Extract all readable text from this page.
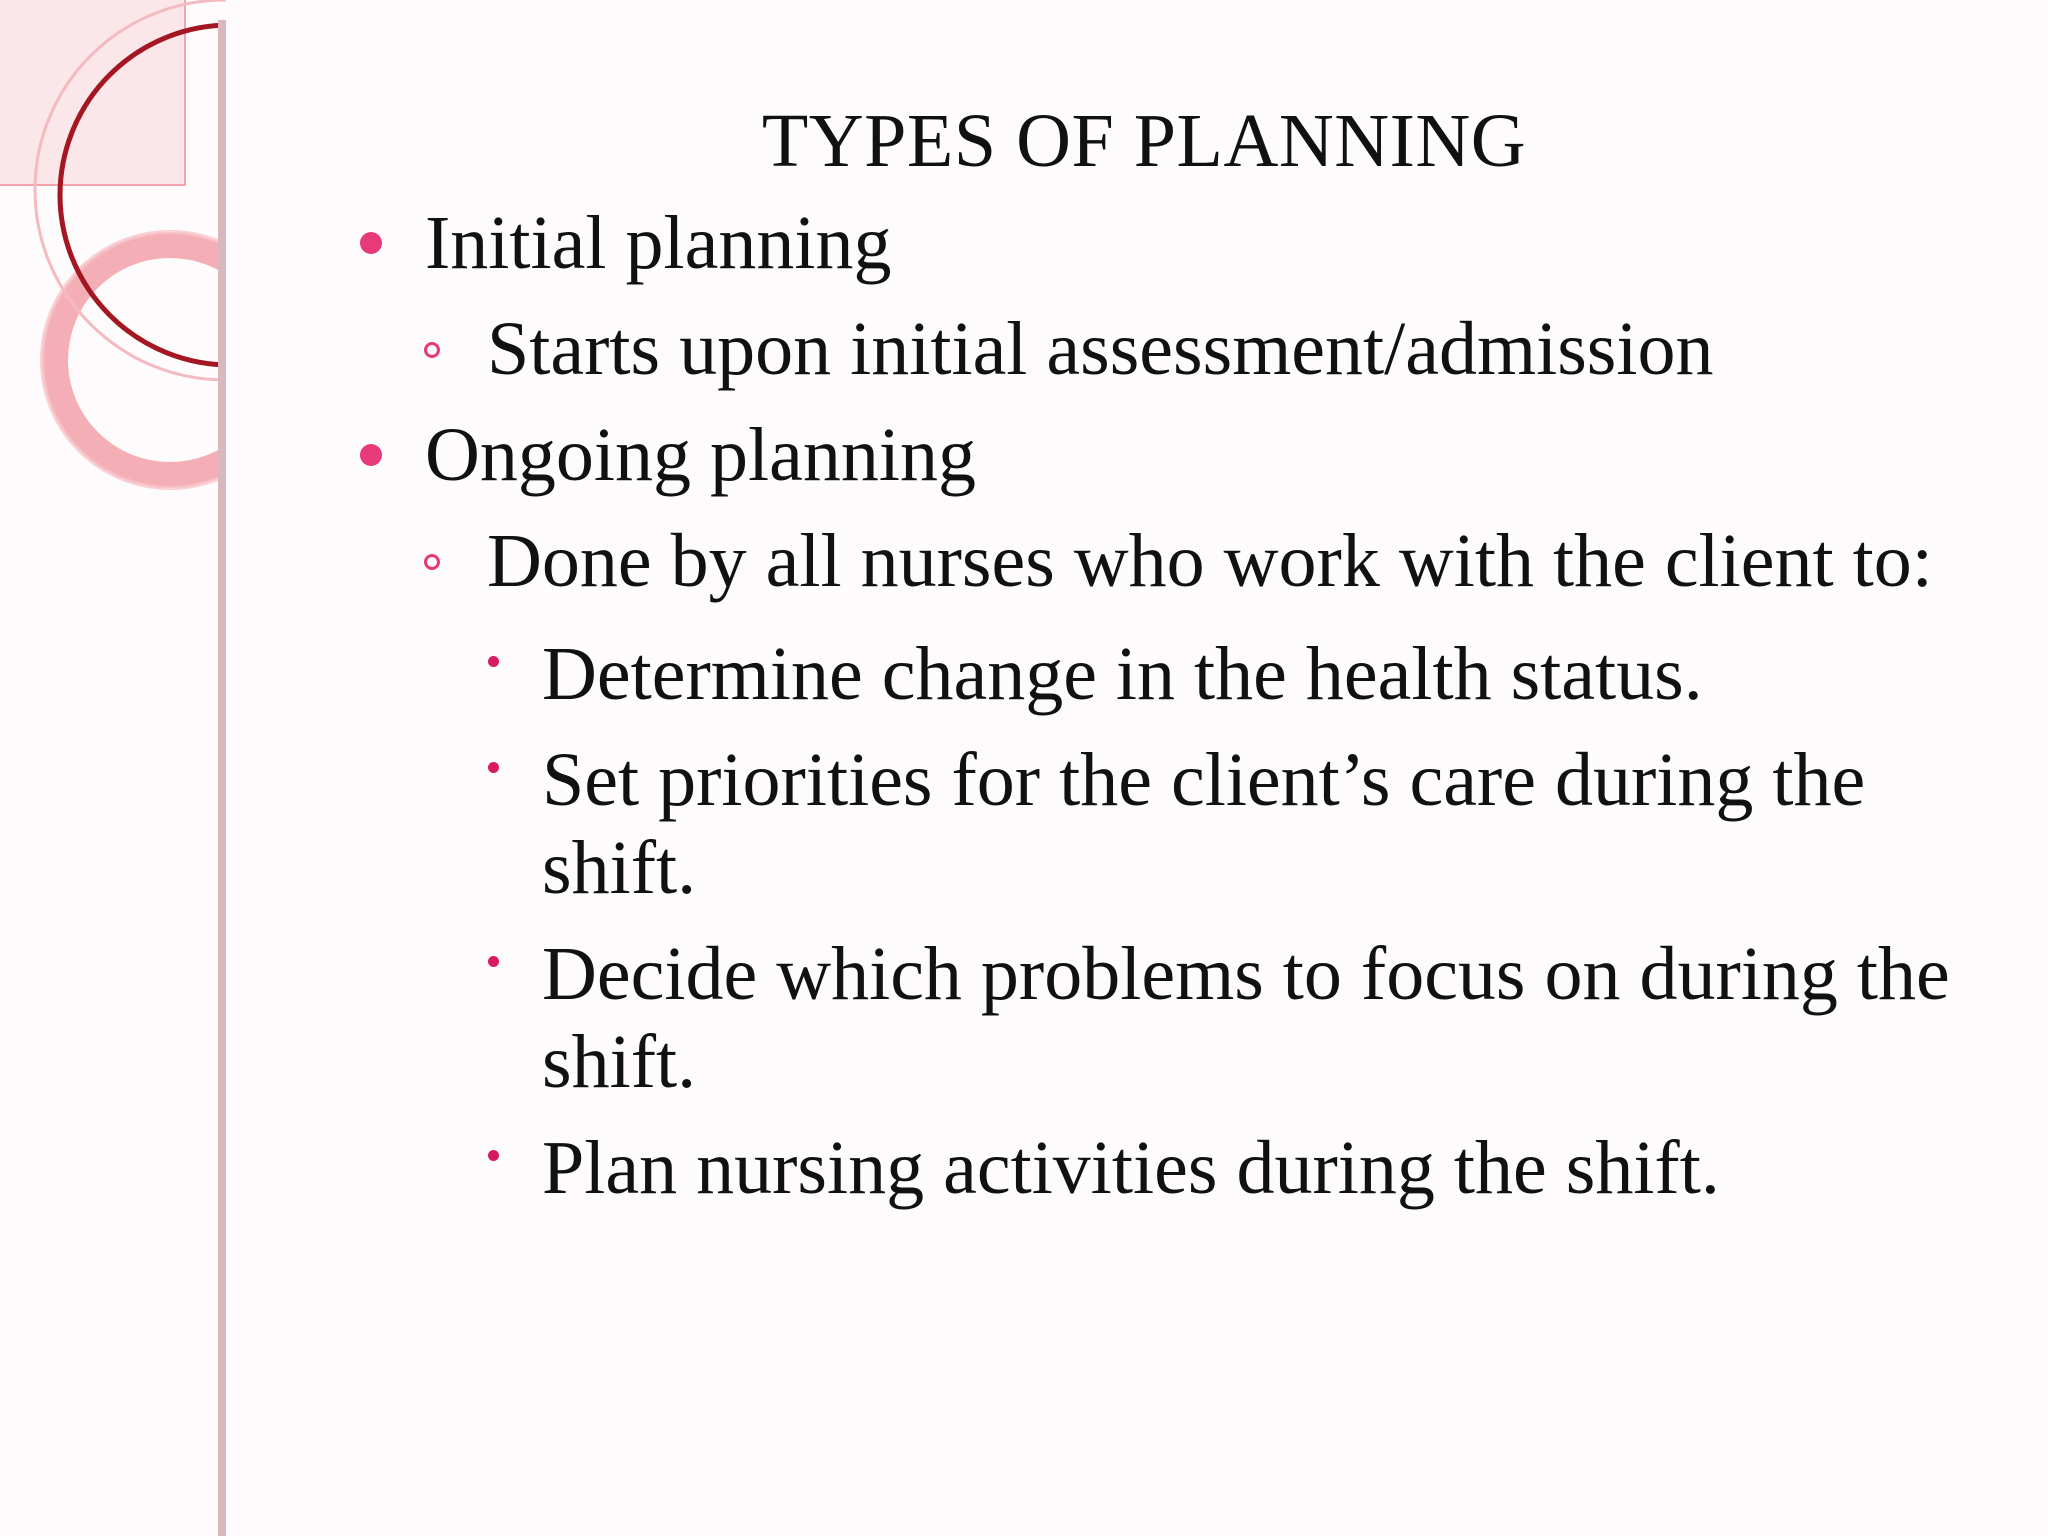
TYPES OF PLANNING
Initial planning
Starts upon initial assessment/admission
Ongoing planning
Done by all nurses who work with the client to:
Determine change in the health status.
Set priorities for the client’s care during the shift.
Decide which problems to focus on during the shift.
Plan nursing activities during the shift.
